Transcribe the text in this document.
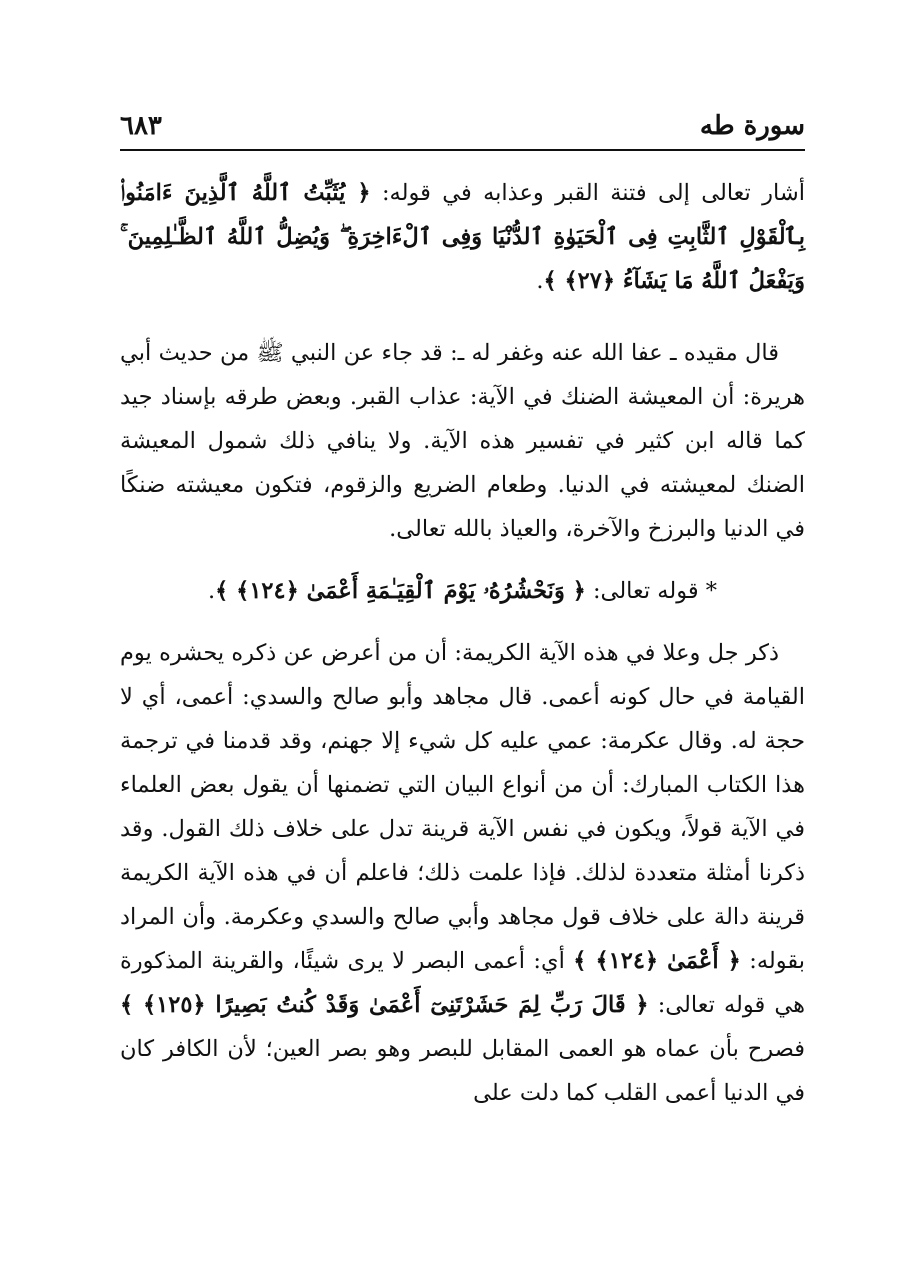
سورة طه
٦٨٣

أشار تعالى إلى فتنة القبر وعذابه في قوله: ﴿ يُثَبِّتُ ٱللَّهُ ٱلَّذِينَ ءَامَنُوا۟ بِٱلْقَوْلِ ٱلثَّابِتِ فِى ٱلْحَيَوٰةِ ٱلدُّنْيَا وَفِى ٱلْءَاخِرَةِ ۖ وَيُضِلُّ ٱللَّهُ ٱلظَّـٰلِمِينَ ۚ وَيَفْعَلُ ٱللَّهُ مَا يَشَآءُ ﴿٢٧﴾ ﴾.

قال مقيده ـ عفا الله عنه وغفر له ـ: قد جاء عن النبي ﷺ من حديث أبي هريرة: أن المعيشة الضنك في الآية: عذاب القبر. وبعض طرقه بإسناد جيد كما قاله ابن كثير في تفسير هذه الآية. ولا ينافي ذلك شمول المعيشة الضنك لمعيشته في الدنيا. وطعام الضريع والزقوم، فتكون معيشته ضنكًا في الدنيا والبرزخ والآخرة، والعياذ بالله تعالى.

* قوله تعالى: ﴿ وَنَحْشُرُهُۥ يَوْمَ ٱلْقِيَـٰمَةِ أَعْمَىٰ ﴿١٢٤﴾ ﴾.

ذكر جل وعلا في هذه الآية الكريمة: أن من أعرض عن ذكره يحشره يوم القيامة في حال كونه أعمى. قال مجاهد وأبو صالح والسدي: أعمى، أي لا حجة له. وقال عكرمة: عمي عليه كل شيء إلا جهنم، وقد قدمنا في ترجمة هذا الكتاب المبارك: أن من أنواع البيان التي تضمنها أن يقول بعض العلماء في الآية قولاً، ويكون في نفس الآية قرينة تدل على خلاف ذلك القول. وقد ذكرنا أمثلة متعددة لذلك. فإذا علمت ذلك؛ فاعلم أن في هذه الآية الكريمة قرينة دالة على خلاف قول مجاهد وأبي صالح والسدي وعكرمة. وأن المراد بقوله: ﴿ أَعْمَىٰ ﴿١٢٤﴾ ﴾ أي: أعمى البصر لا يرى شيئًا، والقرينة المذكورة هي قوله تعالى: ﴿ قَالَ رَبِّ لِمَ حَشَرْتَنِىٓ أَعْمَىٰ وَقَدْ كُنتُ بَصِيرًا ﴿١٢٥﴾ ﴾ فصرح بأن عماه هو العمى المقابل للبصر وهو بصر العين؛ لأن الكافر كان في الدنيا أعمى القلب كما دلت على
